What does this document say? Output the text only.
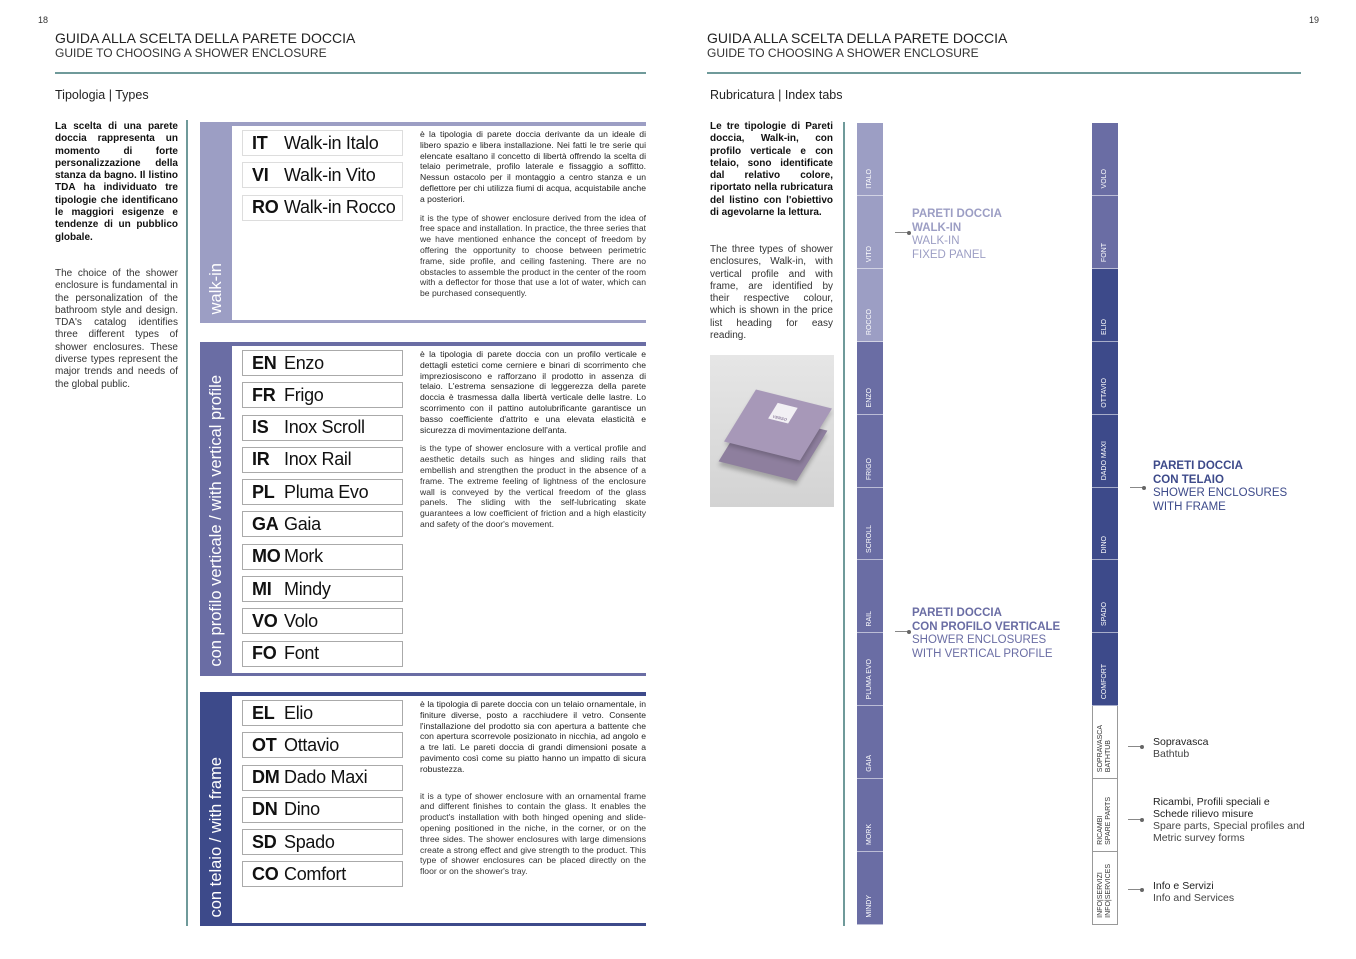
18
GUIDA ALLA SCELTA DELLA PARETE DOCCIA
GUIDE TO CHOOSING A SHOWER ENCLOSURE
Tipologia | Types
La scelta di una parete doccia rappresenta un momento di forte personalizzazione della stanza da bagno. Il listino TDA ha individuato tre tipologie che identificano le maggiori esigenze e tendenze di un pubblico globale.
The choice of the shower enclosure is fundamental in the personalization of the bathroom style and design. TDA's catalog identifies three different types of shower enclosures. These diverse types represent the major trends and needs of the global public.
walk-in
IT Walk-in Italo
VI Walk-in Vito
RO Walk-in Rocco

è la tipologia di parete doccia derivante da un ideale di libero spazio e libera installazione. Nei fatti le tre serie qui elencate esaltano il concetto di libertà offrendo la scelta di telaio perimetrale, profilo laterale e fissaggio a soffitto. Nessun ostacolo per il montaggio a centro stanza e un deflettore per chi utilizza fiumi di acqua, acquistabile anche a posteriori.

it is the type of shower enclosure derived from the idea of free space and installation. In practice, the three series that we have mentioned enhance the concept of freedom by offering the opportunity to choose between perimetric frame, side profile, and ceiling fastening. There are no obstacles to assemble the product in the center of the room with a deflector for those that use a lot of water, which can be purchased consequently.

con profilo verticale / with vertical profile
EN Enzo
FR Frigo
IS Inox Scroll
IR Inox Rail
PL Pluma Evo
GA Gaia
MO Mork
MI Mindy
VO Volo
FO Font

è la tipologia di parete doccia con un profilo verticale e dettagli estetici come cerniere e binari di scorrimento che impreziosiscono e rafforzano il prodotto in assenza di telaio. L'estrema sensazione di leggerezza della parete doccia è trasmessa dalla libertà verticale delle lastre. Lo scorrimento con il pattino autolubrificante garantisce un basso coefficiente d'attrito e una elevata elasticità e sicurezza di movimentazione dell'anta.

is the type of shower enclosure with a vertical profile and aesthetic details such as hinges and sliding rails that embellish and strengthen the product in the absence of a frame. The extreme feeling of lightness of the enclosure wall is conveyed by the vertical freedom of the glass panels. The sliding with the self-lubricating skate guarantees a low coefficient of friction and a high elasticity and safety of the door's movement.

con telaio / with frame
EL Elio
OT Ottavio
DM Dado Maxi
DN Dino
SD Spado
CO Comfort

è la tipologia di parete doccia con un telaio ornamentale, in finiture diverse, posto a racchiudere il vetro. Consente l'installazione del prodotto sia con apertura a battente che con apertura scorrevole posizionato in nicchia, ad angolo e a tre lati. Le pareti doccia di grandi dimensioni posate a pavimento così come su piatto hanno un impatto di sicura robustezza.

it is a type of shower enclosure with an ornamental frame and different finishes to contain the glass. It enables the product's installation with both hinged opening and slide-opening positioned in the niche, in the corner, or on the three sides. The shower enclosures with large dimensions create a strong effect and give strength to the product. This type of shower enclosures can be placed directly on the floor or on the shower's tray.

19
GUIDA ALLA SCELTA DELLA PARETE DOCCIA
GUIDE TO CHOOSING A SHOWER ENCLOSURE
Rubricatura | Index tabs
Le tre tipologie di Pareti doccia, Walk-in, con profilo verticale e con telaio, sono identificate dal relativo colore, riportato nella rubricatura del listino con l'obiettivo di agevolarne la lettura.
The three types of shower enclosures, Walk-in, with vertical profile and with frame, are identified by their respective colour, which is shown in the price list heading for easy reading.
VERSO
ITALO
VITO
ROCCO
ENZO
FRIGO
SCROLL
RAIL
PLUMA EVO
GAIA
MORK
MINDY
VOLO
FONT
ELIO
OTTAVIO
DADO MAXI
DINO
SPADO
COMFORT
SOPRAVASCA
BATHTUB
RICAMBI
SPARE PARTS
INFO|SERVIZI
INFO|SERVICES
PARETI DOCCIA
WALK-IN
WALK-IN
FIXED PANEL
PARETI DOCCIA
CON PROFILO VERTICALE
SHOWER ENCLOSURES
WITH VERTICAL PROFILE
PARETI DOCCIA
CON TELAIO
SHOWER ENCLOSURES
WITH FRAME
Sopravasca
Bathtub
Ricambi, Profili speciali e
Schede rilievo misure
Spare parts, Special profiles and
Metric survey forms
Info e Servizi
Info and Services
